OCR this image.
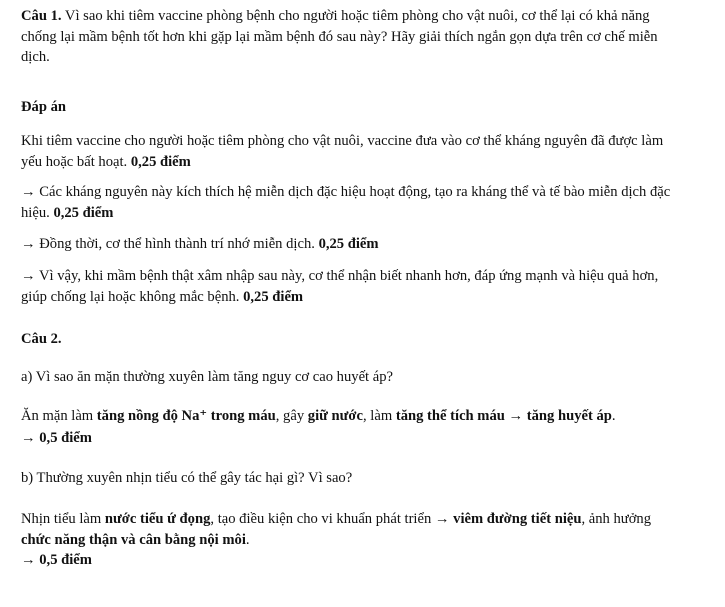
Câu 1. Vì sao khi tiêm vaccine phòng bệnh cho người hoặc tiêm phòng cho vật nuôi, cơ thể lại có khả năng chống lại mầm bệnh tốt hơn khi gặp lại mầm bệnh đó sau này? Hãy giải thích ngắn gọn dựa trên cơ chế miễn dịch.

Đáp án

Khi tiêm vaccine cho người hoặc tiêm phòng cho vật nuôi, vaccine đưa vào cơ thể kháng nguyên đã được làm yếu hoặc bất hoạt. 0,25 điểm

→ Các kháng nguyên này kích thích hệ miễn dịch đặc hiệu hoạt động, tạo ra kháng thể và tế bào miễn dịch đặc hiệu. 0,25 điểm

→ Đồng thời, cơ thể hình thành trí nhớ miễn dịch. 0,25 điểm

→ Vì vậy, khi mầm bệnh thật xâm nhập sau này, cơ thể nhận biết nhanh hơn, đáp ứng mạnh và hiệu quả hơn, giúp chống lại hoặc không mắc bệnh. 0,25 điểm

Câu 2.

a) Vì sao ăn mặn thường xuyên làm tăng nguy cơ cao huyết áp?

Ăn mặn làm tăng nồng độ Na⁺ trong máu, gây giữ nước, làm tăng thể tích máu → tăng huyết áp.

→ 0,5 điểm

b) Thường xuyên nhịn tiểu có thể gây tác hại gì? Vì sao?

Nhịn tiểu làm nước tiểu ứ đọng, tạo điều kiện cho vi khuẩn phát triển → viêm đường tiết niệu, ảnh hưởng chức năng thận và cân bằng nội môi.

→ 0,5 điểm
